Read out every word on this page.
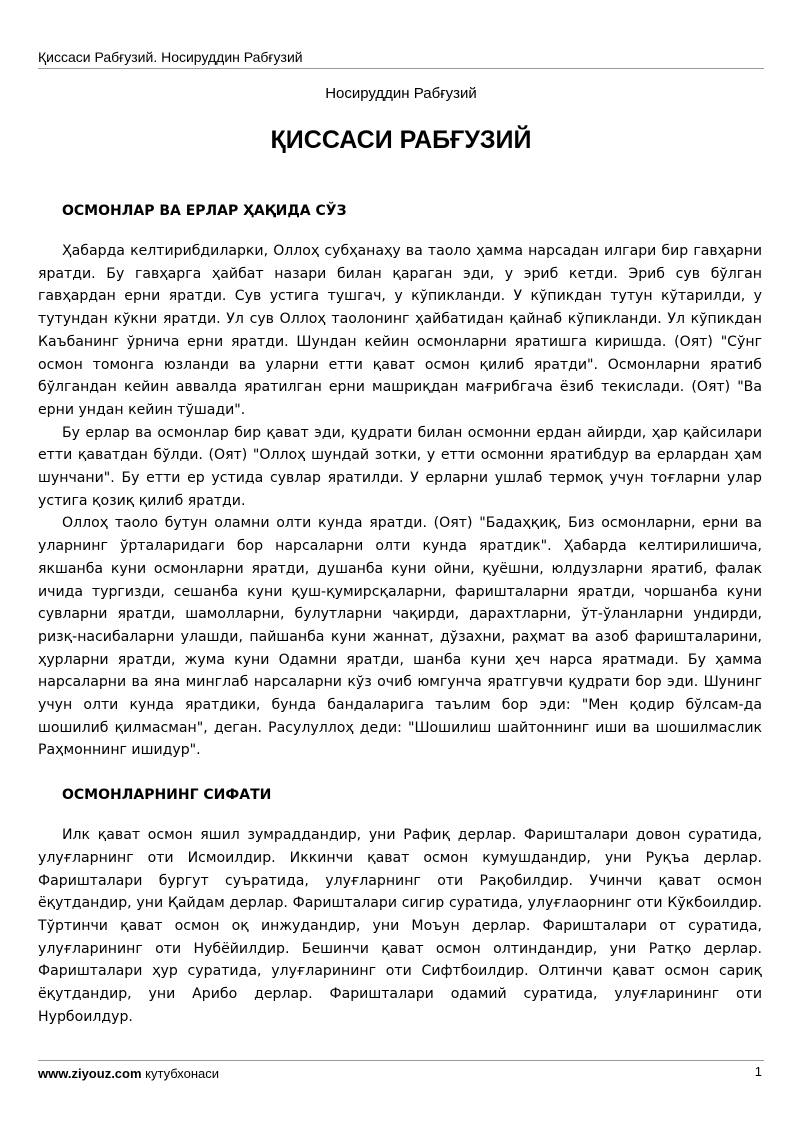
Қиссаси Рабғузий. Носируддин Рабғузий
Носируддин Рабғузий
ҚИССАСИ РАБҒУЗИЙ
ОСМОНЛАР ВА ЕРЛАР ҲАҚИДА СЎЗ

Ҳабарда келтирибдиларки, Оллоҳ субҳанаҳу ва таоло ҳамма нарсадан илгари бир гавҳарни яратди. Бу гавҳарга ҳайбат назари билан қараган эди, у эриб кетди. Эриб сув бўлган гавҳардан ерни яратди. Сув устига тушгач, у кўпикланди. У кўпикдан тутун кўтарилди, у тутундан кўкни яратди. Ул сув Оллоҳ таолонинг ҳайбатидан қайнаб кўпикланди. Ул кўпикдан Каъбанинг ўрнича ерни яратди. Шундан кейин осмонларни яратишга киришда. (Оят) "Сўнг осмон томонга юзланди ва уларни етти қават осмон қилиб яратди". Осмонларни яратиб бўлгандан кейин аввалда яратилган ерни машриқдан мағрибгача ёзиб текислади. (Оят) "Ва ерни ундан кейин тўшади".

Бу ерлар ва осмонлар бир қават эди, қудрати билан осмонни ердан айирди, ҳар қайсилари етти қаватдан бўлди. (Оят) "Оллоҳ шундай зотки, у етти осмонни яратибдур ва ерлардан ҳам шунчани". Бу етти ер устида сувлар яратилди. У ерларни ушлаб термоқ учун тоғларни улар устига қозиқ қилиб яратди.

Оллоҳ таоло бутун оламни олти кунда яратди. (Оят) "Бадаҳқиқ, Биз осмонларни, ерни ва уларнинг ўрталаридаги бор нарсаларни олти кунда яратдик". Ҳабарда келтирилишича, якшанба куни осмонларни яратди, душанба куни ойни, қуёшни, юлдузларни яратиб, фалак ичида тургизди, сешанба куни қуш-қумирсқаларни, фаришталарни яратди, чоршанба куни сувларни яратди, шамолларни, булутларни чақирди, дарахтларни, ўт-ўланларни ундирди, ризқ-насибаларни улашди, пайшанба куни жаннат, дўзахни, раҳмат ва азоб фаришталарини, ҳурларни яратди, жума куни Одамни яратди, шанба куни ҳеч нарса яратмади. Бу ҳамма нарсаларни ва яна минглаб нарсаларни кўз очиб юмгунча яратгувчи қудрати бор эди. Шунинг учун олти кунда яратдики, бунда бандаларига таълим бор эди: "Мен қодир бўлсам-да шошилиб қилмасман", деган. Расулуллоҳ деди: "Шошилиш шайтоннинг иши ва шошилмаслик Раҳмоннинг ишидур".

ОСМОНЛАРНИНГ СИФАТИ

Илк қават осмон яшил зумраддандир, уни Рафиқ дерлар. Фаришталари довон суратида, улуғларнинг оти Исмоилдир. Иккинчи қават осмон кумушдандир, уни Руқъа дерлар. Фаришталари бургут суъратида, улуғларнинг оти Рақобилдир. Учинчи қават осмон ёқутдандир, уни Қайдам дерлар. Фаришталари сигир суратида, улуғлаорнинг оти Кўкбоилдир. Тўртинчи қават осмон оқ инжудандир, уни Моъун дерлар. Фаришталари от суратида, улуғларининг оти Нубёйилдир. Бешинчи қават осмон олтиндандир, уни Ратқо дерлар. Фаришталари ҳур суратида, улуғларининг оти Сифтбоилдир. Олтинчи қават осмон сариқ ёқутдандир, уни Арибо дерлар. Фаришталари одамий суратида, улуғларининг оти Нурбоилдур.

www.ziyouz.com кутубхонаси	1
